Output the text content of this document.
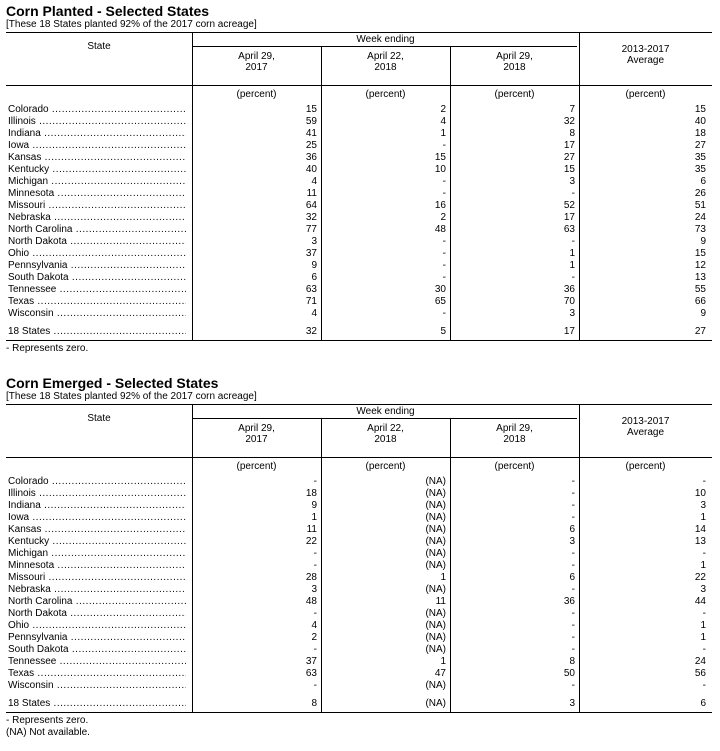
Corn Planted - Selected States
[These 18 States planted 92% of the 2017 corn acreage]
State
Week ending
April 29,
2017
April 22,
2018
April 29,
2018
2013-2017
Average
(percent)	(percent)	(percent)	(percent)
Colorado .....	15	2	7	15
Illinois .....	59	4	32	40
Indiana .....	41	1	8	18
Iowa .....	25	-	17	27
Kansas .....	36	15	27	35
Kentucky .....	40	10	15	35
Michigan .....	4	-	3	6
Minnesota .....	11	-	-	26
Missouri .....	64	16	52	51
Nebraska .....	32	2	17	24
North Carolina .....	77	48	63	73
North Dakota .....	3	-	-	9
Ohio .....	37	-	1	15
Pennsylvania .....	9	-	1	12
South Dakota .....	6	-	-	13
Tennessee .....	63	30	36	55
Texas .....	71	65	70	66
Wisconsin .....	4	-	3	9
18 States .....	32	5	17	27
- Represents zero.
Corn Emerged - Selected States
[These 18 States planted 92% of the 2017 corn acreage]
State
Week ending
April 29,
2017
April 22,
2018
April 29,
2018
2013-2017
Average
(percent)	(percent)	(percent)	(percent)
Colorado .....	-	(NA)	-	-
Illinois .....	18	(NA)	-	10
Indiana .....	9	(NA)	-	3
Iowa .....	1	(NA)	-	1
Kansas .....	11	(NA)	6	14
Kentucky .....	22	(NA)	3	13
Michigan .....	-	(NA)	-	-
Minnesota .....	-	(NA)	-	1
Missouri .....	28	1	6	22
Nebraska .....	3	(NA)	-	3
North Carolina .....	48	11	36	44
North Dakota .....	-	(NA)	-	-
Ohio .....	4	(NA)	-	1
Pennsylvania .....	2	(NA)	-	1
South Dakota .....	-	(NA)	-	-
Tennessee .....	37	1	8	24
Texas .....	63	47	50	56
Wisconsin .....	-	(NA)	-	-
18 States .....	8	(NA)	3	6
- Represents zero.
(NA) Not available.
